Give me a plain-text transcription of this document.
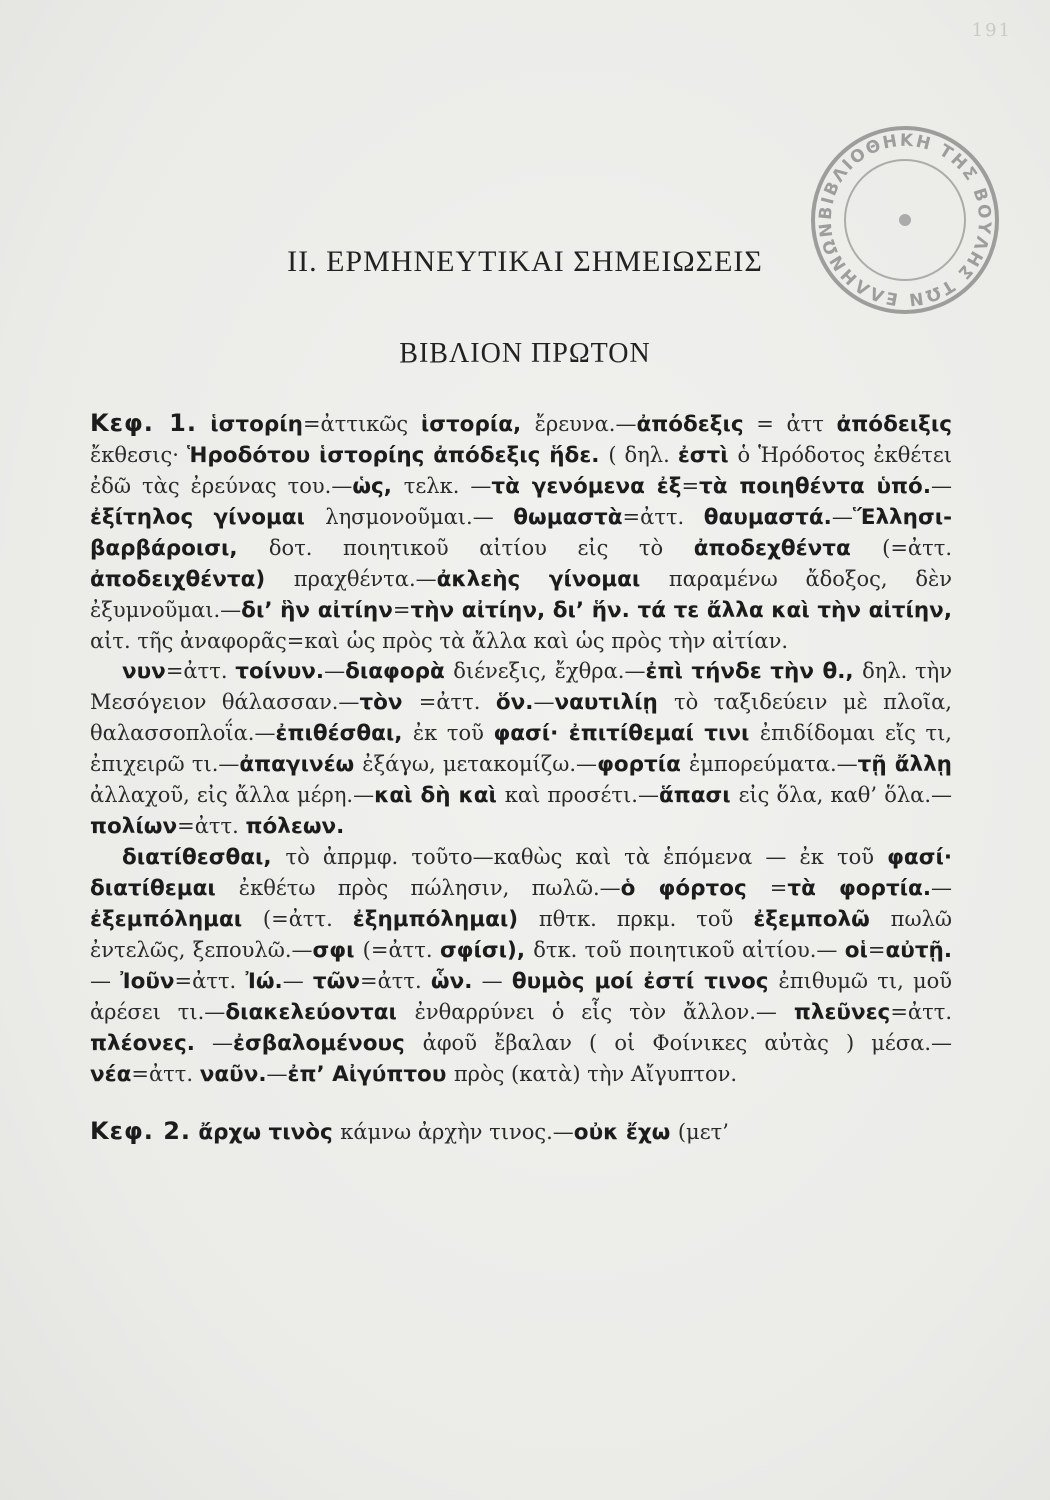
191
ΒΙΒΛΙΟΘΗΚΗ ΤΗΣ ΒΟΥΛΗΣ ΤΩΝ ΕΛΛΗΝΩΝ
II. ΕΡΜΗΝΕΥΤΙΚΑΙ ΣΗΜΕΙΩΣΕΙΣ
ΒΙΒΛΙΟΝ ΠΡΩΤΟΝ

Κεφ. 1. ἱστορίη=ἀττικῶς ἱστορία, ἔρευνα.—ἀπόδεξις = ἀττ ἀπόδειξις ἔκθεσις· Ἡροδότου ἱστορίης ἀπόδεξις ἥδε. ( δηλ. ἐστὶ ὁ Ἡρόδοτος ἐκθέτει ἐδῶ τὰς ἐρεύνας του.—ὡς, τελκ. —τὰ γενόμενα ἐξ=τὰ ποιηθέντα ὑπό.—ἐξίτηλος γίνομαι λησμονοῦμαι.— θωμαστὰ=ἀττ. θαυμαστά.—Ἕλλησι-βαρβάροισι, δοτ. ποιητικοῦ αἰτίου εἰς τὸ ἀποδεχθέντα (=ἀττ. ἀποδειχθέντα) πραχθέντα.—ἀκλεὴς γίνομαι παραμένω ἄδοξος, δὲν ἐξυμνοῦμαι.—δι’ ἣν αἰτίην=τὴν αἰτίην, δι’ ἥν. τά τε ἄλλα καὶ τὴν αἰτίην, αἰτ. τῆς ἀναφορᾶς=καὶ ὡς πρὸς τὰ ἄλλα καὶ ὡς πρὸς τὴν αἰτίαν.

νυν=ἀττ. τοίνυν.—διαφορὰ διένεξις, ἔχθρα.—ἐπὶ τήνδε τὴν θ., δηλ. τὴν Μεσόγειον θάλασσαν.—τὸν =ἀττ. ὅν.—ναυτιλίῃ τὸ ταξιδεύειν μὲ πλοῖα, θαλασσοπλοΐα.—ἐπιθέσθαι, ἐκ τοῦ φασί· ἐπιτίθεμαί τινι ἐπιδίδομαι εἴς τι, ἐπιχειρῶ τι.—ἀπαγινέω ἐξάγω, μετακομίζω.—φορτία ἐμπορεύματα.—τῇ ἄλλῃ ἀλλαχοῦ, εἰς ἄλλα μέρη.—καὶ δὴ καὶ καὶ προσέτι.—ἅπασι εἰς ὅλα, καθ’ ὅλα.— πολίων=ἀττ. πόλεων.

διατίθεσθαι, τὸ ἀπρμφ. τοῦτο—καθὼς καὶ τὰ ἑπόμενα — ἐκ τοῦ φασί· διατίθεμαι ἐκθέτω πρὸς πώλησιν, πωλῶ.—ὁ φόρτος =τὰ φορτία.—ἐξεμπόλημαι (=ἀττ. ἐξημπόλημαι) πθτκ. πρκμ. τοῦ ἐξεμπολῶ πωλῶ ἐντελῶς, ξεπουλῶ.—σφι (=ἀττ. σφίσι), δτκ. τοῦ ποιητικοῦ αἰτίου.— οἱ=αὐτῇ.— Ἰοῦν=ἀττ. Ἰώ.— τῶν=ἀττ. ὧν. — θυμὸς μοί ἐστί τινος ἐπιθυμῶ τι, μοῦ ἀρέσει τι.—διακελεύονται ἐνθαρρύνει ὁ εἷς τὸν ἄλλον.— πλεῦνες=ἀττ. πλέονες. —ἐσβαλομένους ἀφοῦ ἔβαλαν ( οἱ Φοίνικες αὐτὰς ) μέσα.— νέα=ἀττ. ναῦν.—ἐπ’ Αἰγύπτου πρὸς (κατὰ) τὴν Αἴγυπτον.

Κεφ. 2. ἄρχω τινὸς κάμνω ἀρχὴν τινος.—οὐκ ἔχω (μετ’
